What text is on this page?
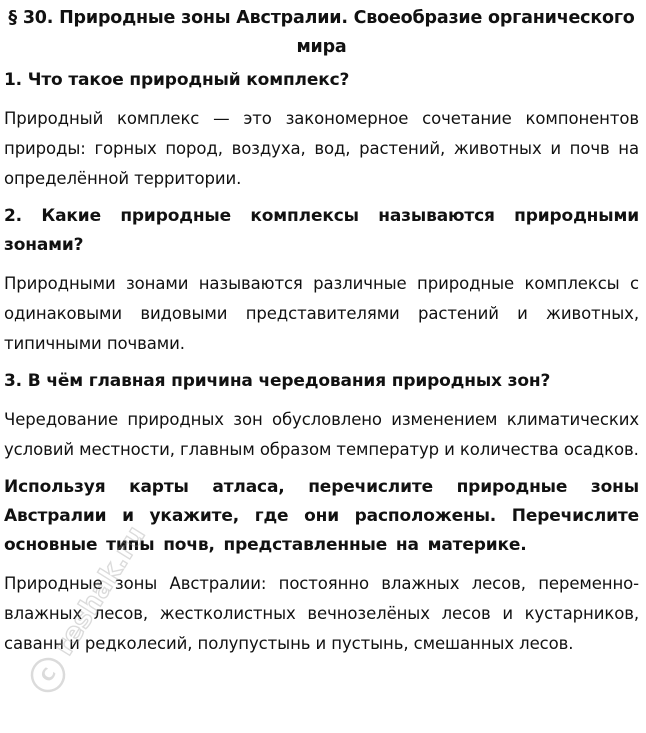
§ 30. Природные зоны Австралии. Своеобразие органического мира

1. Что такое природный комплекс?

Природный комплекс — это закономерное сочетание компонентов природы: горных пород, воздуха, вод, растений, животных и почв на определённой территории.

2. Какие природные комплексы называются природными зонами?

Природными зонами называются различные природные комплексы с одинаковыми видовыми представителями растений и животных, типичными почвами.

3. В чём главная причина чередования природных зон?

Чередование природных зон обусловлено изменением климатических условий местности, главным образом температур и количества осадков.

Используя карты атласа, перечислите природные зоны Австралии и укажите, где они расположены. Перечислите основные типы почв, представленные на материке.

Природные зоны Австралии: постоянно влажных лесов, переменно-влажных лесов, жестколистных вечнозелёных лесов и кустарников, саванн и редколесий, полупустынь и пустынь, смешанных лесов.

C
reshak.ru
